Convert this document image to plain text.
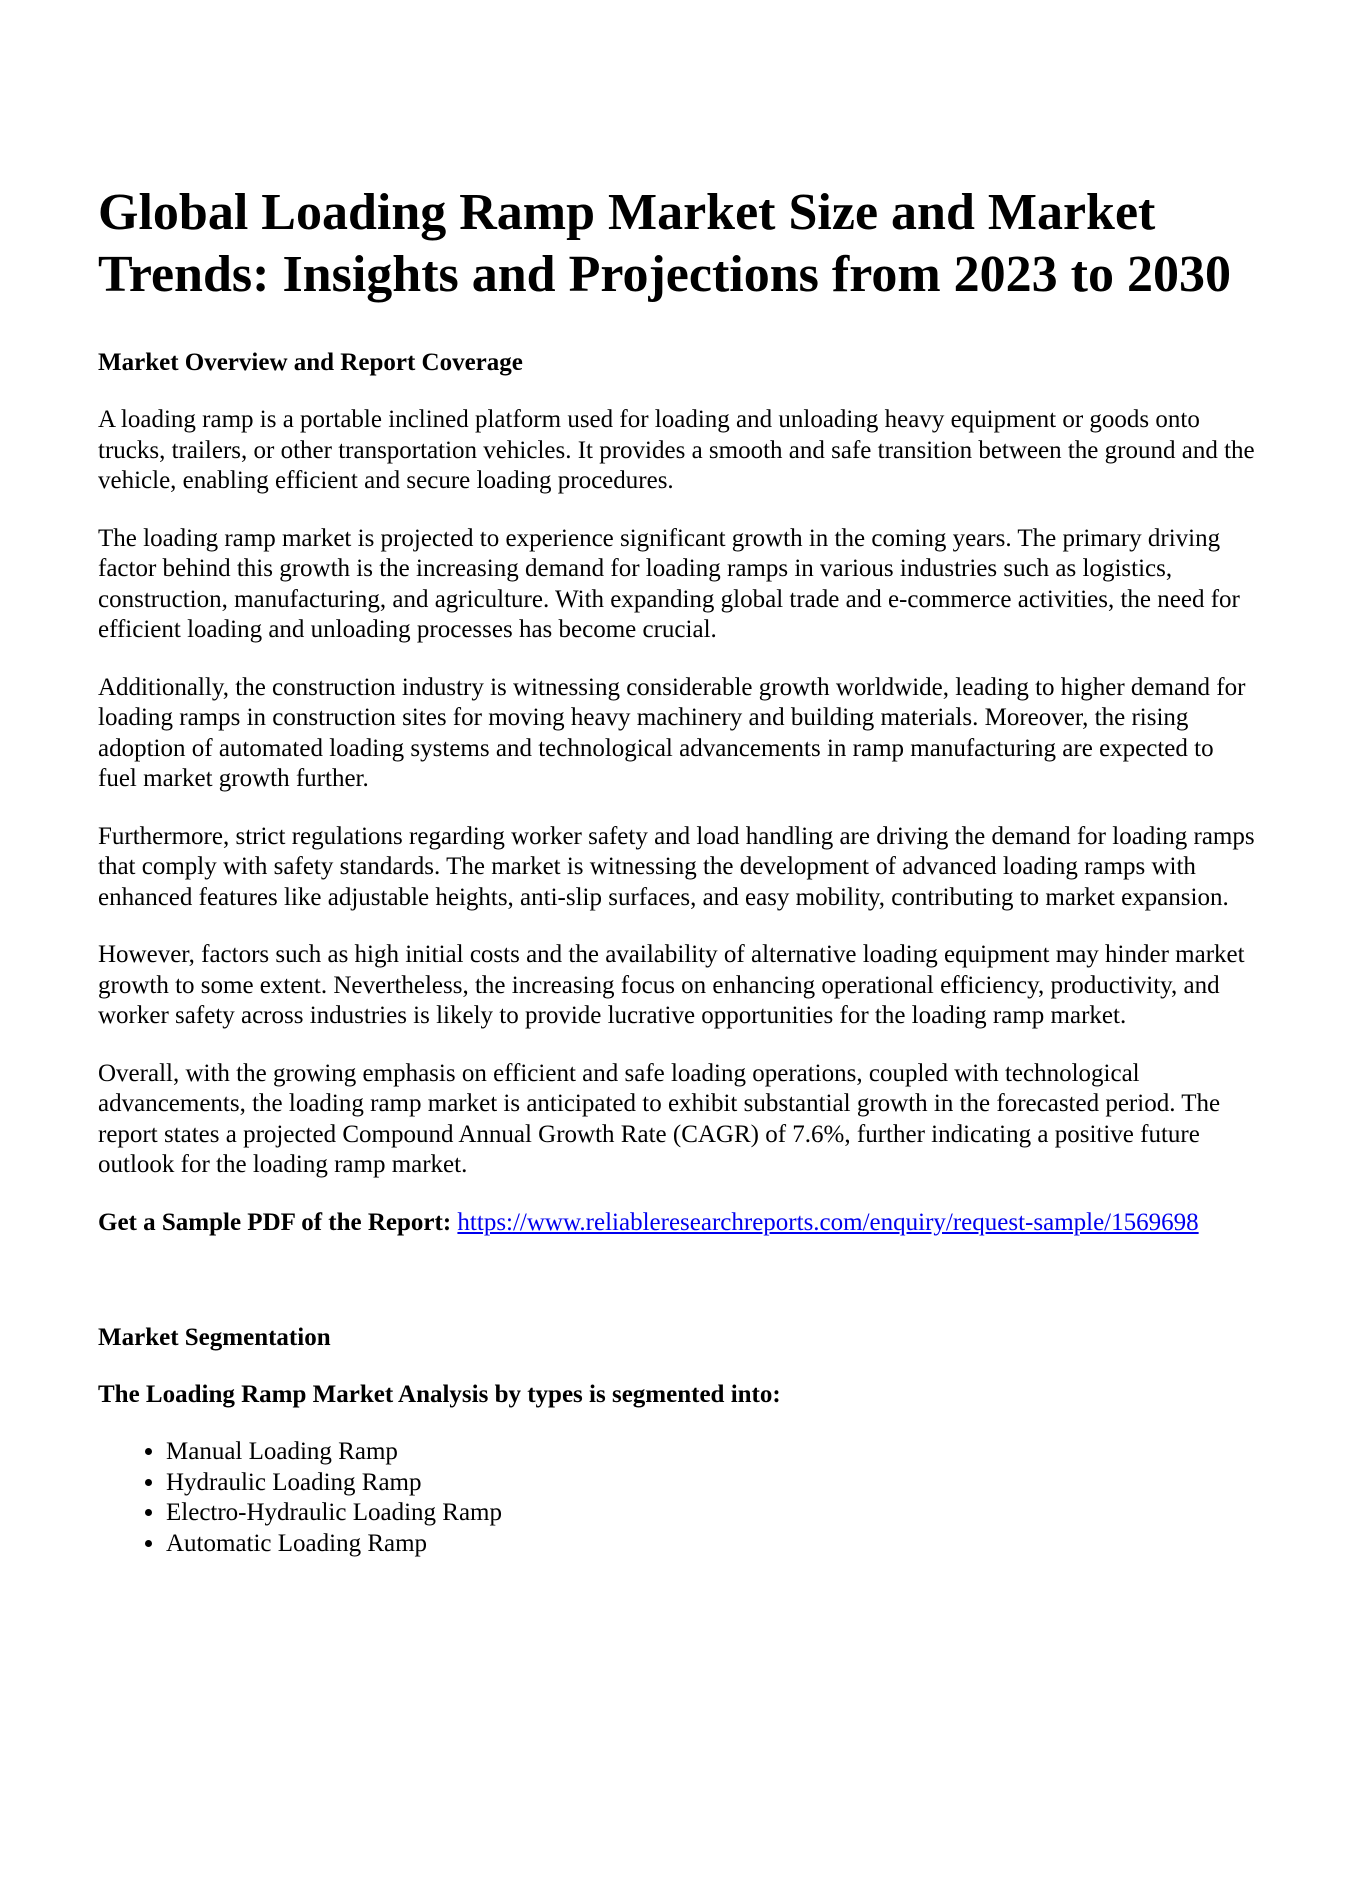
Global Loading Ramp Market Size and Market Trends: Insights and Projections from 2023 to 2030
Market Overview and Report Coverage

A loading ramp is a portable inclined platform used for loading and unloading heavy equipment or goods onto trucks, trailers, or other transportation vehicles. It provides a smooth and safe transition between the ground and the vehicle, enabling efficient and secure loading procedures.

The loading ramp market is projected to experience significant growth in the coming years. The primary driving factor behind this growth is the increasing demand for loading ramps in various industries such as logistics, construction, manufacturing, and agriculture. With expanding global trade and e-commerce activities, the need for efficient loading and unloading processes has become crucial.

Additionally, the construction industry is witnessing considerable growth worldwide, leading to higher demand for loading ramps in construction sites for moving heavy machinery and building materials. Moreover, the rising adoption of automated loading systems and technological advancements in ramp manufacturing are expected to fuel market growth further.

Furthermore, strict regulations regarding worker safety and load handling are driving the demand for loading ramps that comply with safety standards. The market is witnessing the development of advanced loading ramps with enhanced features like adjustable heights, anti-slip surfaces, and easy mobility, contributing to market expansion.

However, factors such as high initial costs and the availability of alternative loading equipment may hinder market growth to some extent. Nevertheless, the increasing focus on enhancing operational efficiency, productivity, and worker safety across industries is likely to provide lucrative opportunities for the loading ramp market.

Overall, with the growing emphasis on efficient and safe loading operations, coupled with technological advancements, the loading ramp market is anticipated to exhibit substantial growth in the forecasted period. The report states a projected Compound Annual Growth Rate (CAGR) of 7.6%, further indicating a positive future outlook for the loading ramp market.

Get a Sample PDF of the Report: https://www.reliableresearchreports.com/enquiry/request-sample/1569698

Market Segmentation
The Loading Ramp Market Analysis by types is segmented into:
• Manual Loading Ramp
• Hydraulic Loading Ramp
• Electro-Hydraulic Loading Ramp
• Automatic Loading Ramp
